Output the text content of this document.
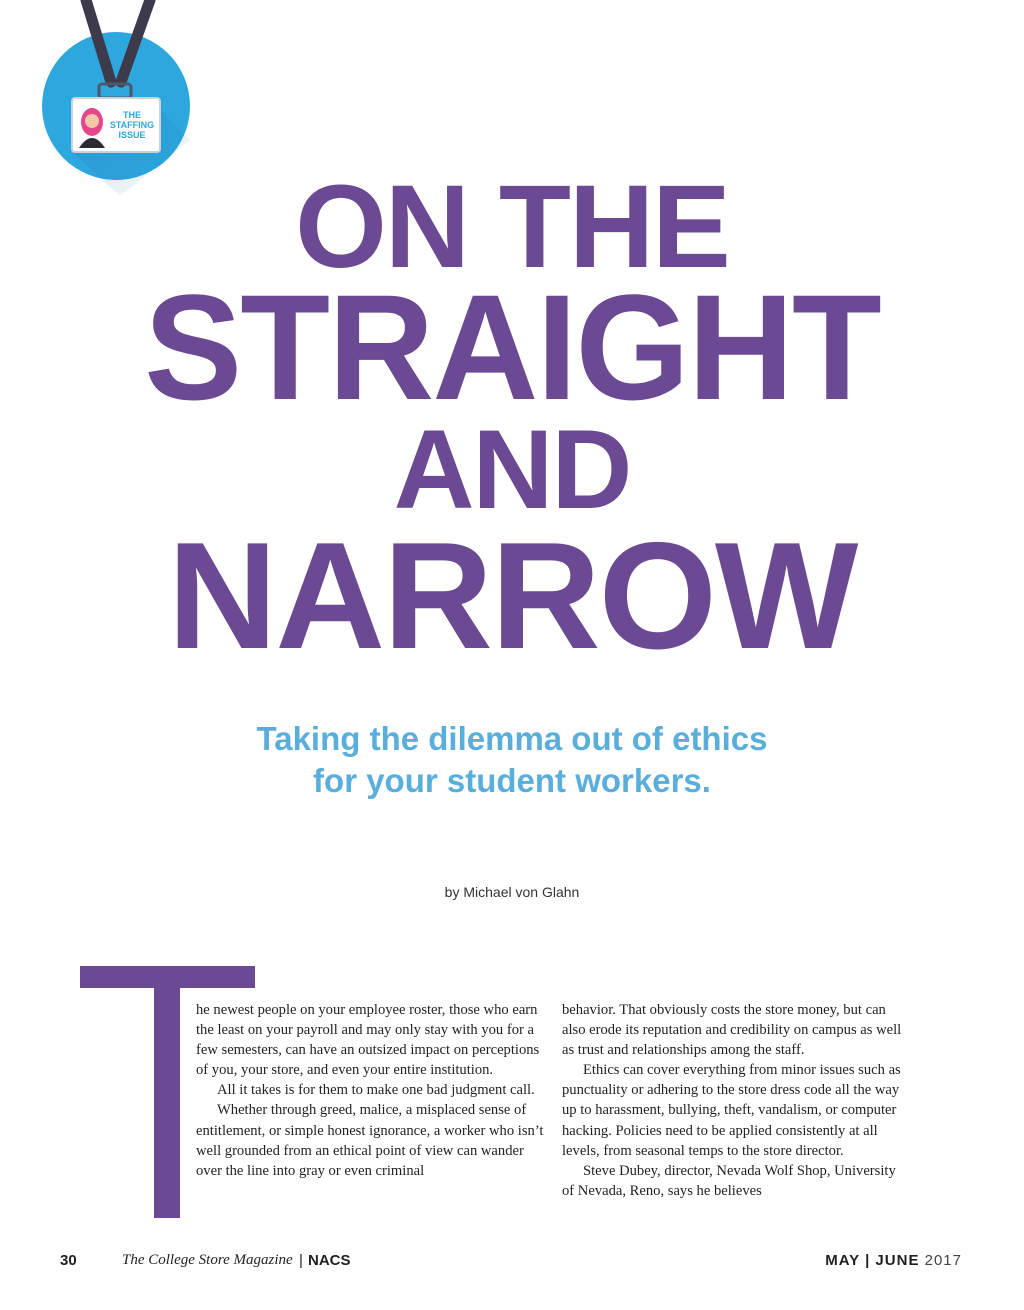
THE
STAFFING
ISSUE
ON THE
STRAIGHT
AND
NARROW
Taking the dilemma out of ethics
for your student workers.
by Michael von Glahn

he newest people on your employee roster, those who earn the least on your payroll and may only stay with you for a few semesters, can have an outsized impact on perceptions of you, your store, and even your entire institution.

All it takes is for them to make one bad judgment call.

Whether through greed, malice, a misplaced sense of entitlement, or simple honest ignorance, a worker who isn’t well grounded from an ethical point of view can wander over the line into gray or even criminal

behavior. That obviously costs the store money, but can also erode its reputation and credibility on campus as well as trust and relationships among the staff.

Ethics can cover everything from minor issues such as punctuality or adhering to the store dress code all the way up to harassment, bullying, theft, vandalism, or computer hacking. Policies need to be applied consistently at all levels, from seasonal temps to the store director.

Steve Dubey, director, Nevada Wolf Shop, University of Nevada, Reno, says he believes

30	The College Store Magazine | NACS	MAY | JUNE 2017
